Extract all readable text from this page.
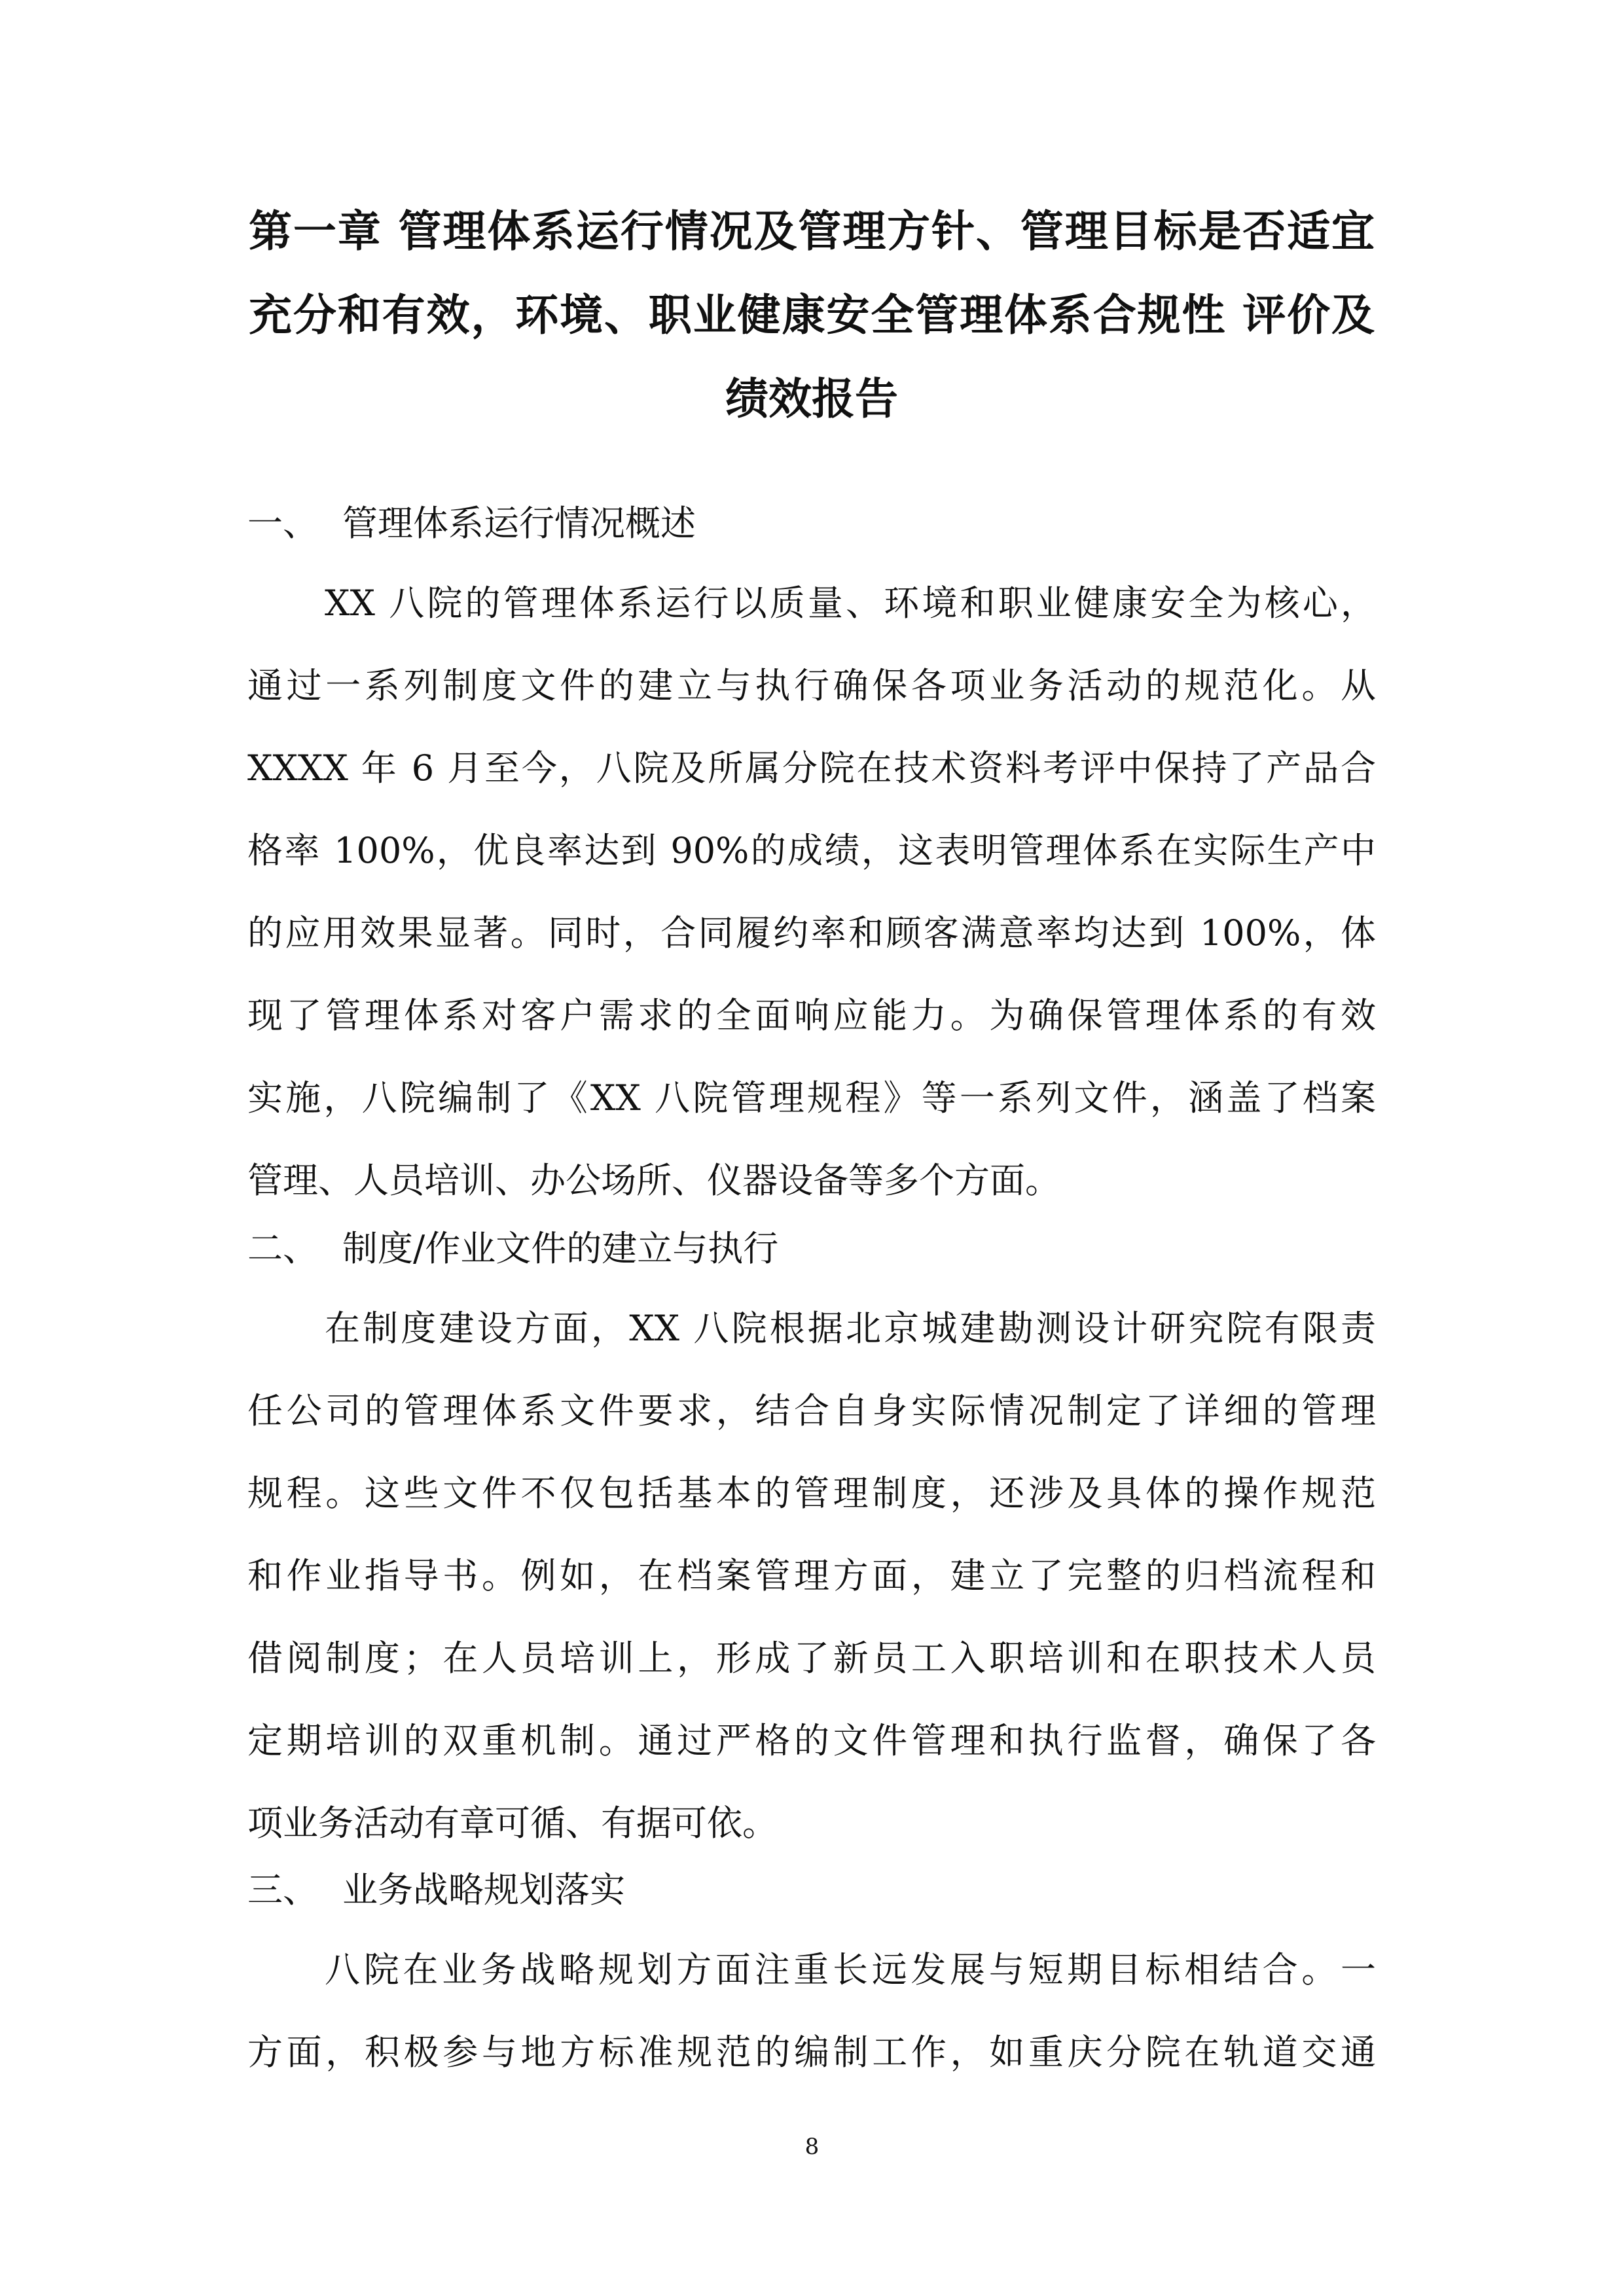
第一章 管理体系运行情况及管理方针、管理目标是否适宜
充分和有效，环境、职业健康安全管理体系合规性 评价及
绩效报告
一、 管理体系运行情况概述
XX 八院的管理体系运行以质量、环境和职业健康安全为核心，
通过一系列制度文件的建立与执行确保各项业务活动的规范化。从
XXXX 年 6 月至今，八院及所属分院在技术资料考评中保持了产品合
格率 100%，优良率达到 90%的成绩，这表明管理体系在实际生产中
的应用效果显著。同时，合同履约率和顾客满意率均达到 100%，体
现了管理体系对客户需求的全面响应能力。为确保管理体系的有效
实施，八院编制了《XX 八院管理规程》等一系列文件，涵盖了档案
管理、人员培训、办公场所、仪器设备等多个方面。
二、 制度/作业文件的建立与执行
在制度建设方面，XX 八院根据北京城建勘测设计研究院有限责
任公司的管理体系文件要求，结合自身实际情况制定了详细的管理
规程。这些文件不仅包括基本的管理制度，还涉及具体的操作规范
和作业指导书。例如，在档案管理方面，建立了完整的归档流程和
借阅制度；在人员培训上，形成了新员工入职培训和在职技术人员
定期培训的双重机制。通过严格的文件管理和执行监督，确保了各
项业务活动有章可循、有据可依。
三、 业务战略规划落实
八院在业务战略规划方面注重长远发展与短期目标相结合。一
方面，积极参与地方标准规范的编制工作，如重庆分院在轨道交通
8
